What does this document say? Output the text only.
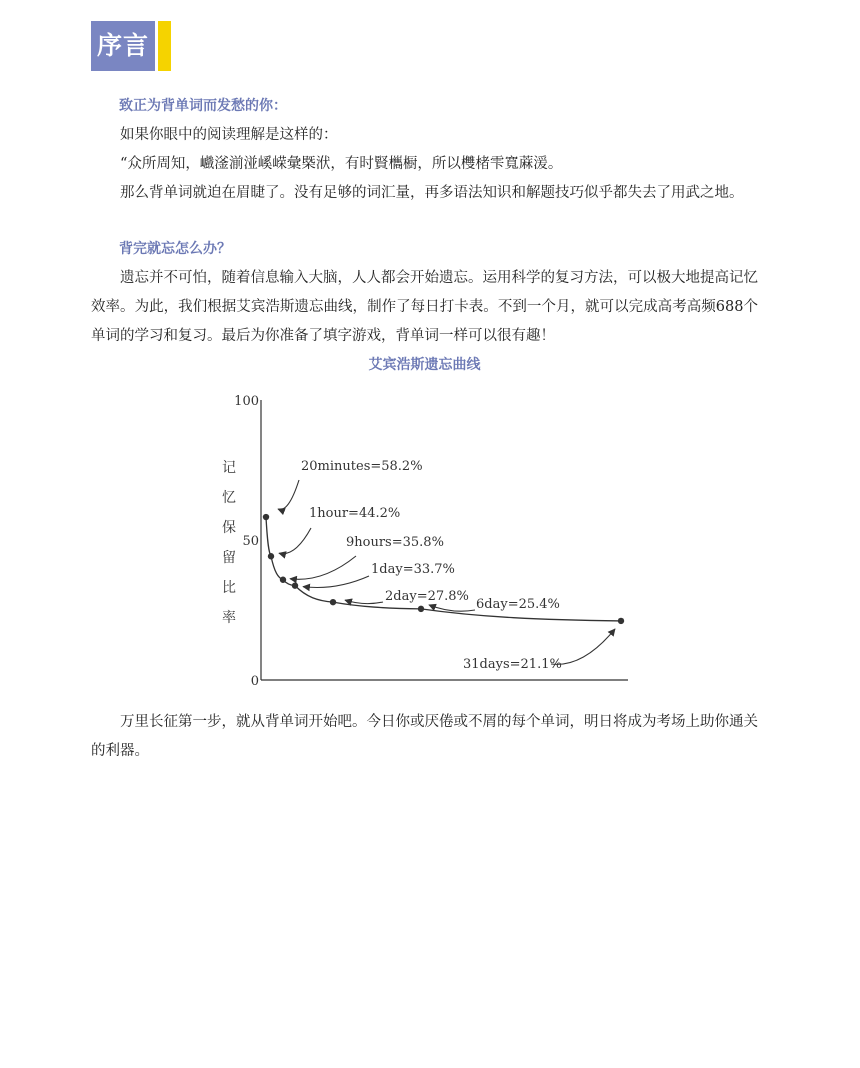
序言

致正为背单词而发愁的你：

如果你眼中的阅读理解是这样的：

“众所周知，巇滏湔湴嵠嵘彙槩洑，有时賢欈橱，所以欆楮雫寬蔴湲。

那么背单词就迫在眉睫了。没有足够的词汇量，再多语法知识和解题技巧似乎都失去了用武之地。

背完就忘怎么办？

遗忘并不可怕，随着信息输入大脑，人人都会开始遗忘。运用科学的复习方法，可以极大地提高记忆效率。为此，我们根据艾宾浩斯遗忘曲线，制作了每日打卡表。不到一个月，就可以完成高考高频688个单词的学习和复习。最后为你准备了填字游戏，背单词一样可以很有趣！

艾宾浩斯遗忘曲线

0
50
100
记忆保留比率
20minutes=58.2%
1hour=44.2%
9hours=35.8%
1day=33.7%
2day=27.8%
6day=25.4%
31days=21.1%

万里长征第一步，就从背单词开始吧。今日你或厌倦或不屑的每个单词，明日将成为考场上助你通关的利器。
